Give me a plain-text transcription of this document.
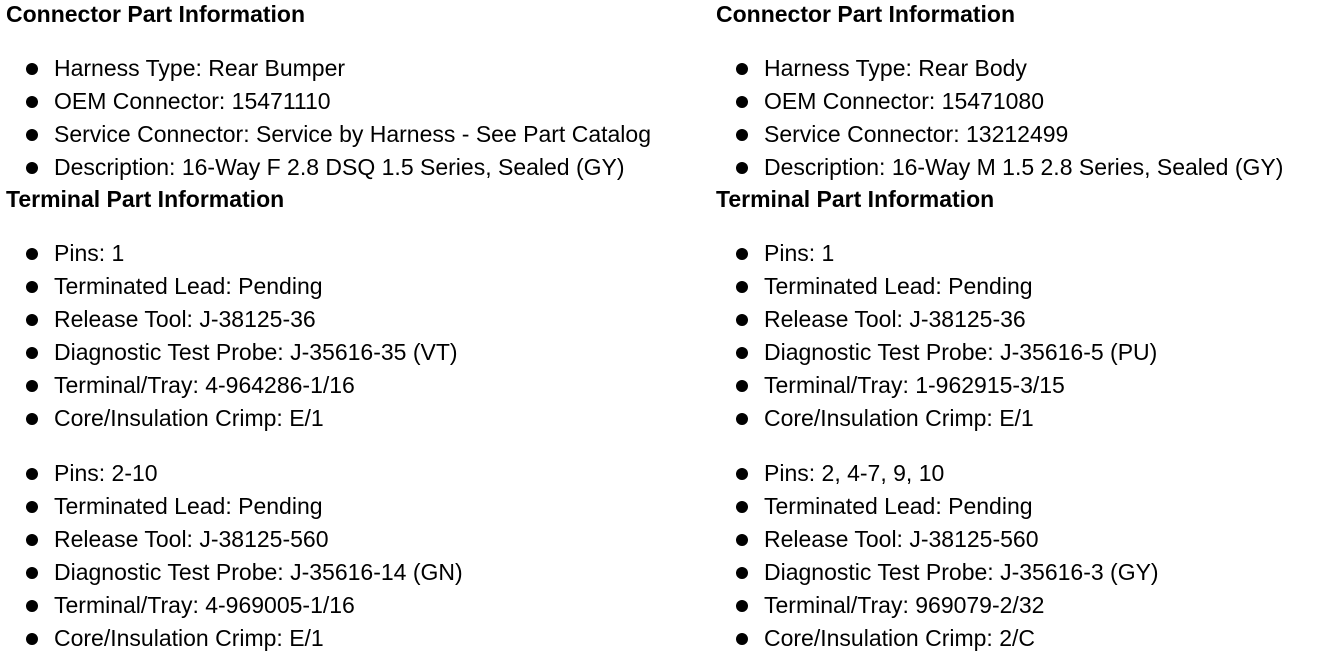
Connector Part Information
Harness Type: Rear Bumper
OEM Connector: 15471110
Service Connector: Service by Harness - See Part Catalog
Description: 16-Way F 2.8 DSQ 1.5 Series, Sealed (GY)
Terminal Part Information
Pins: 1
Terminated Lead: Pending
Release Tool: J-38125-36
Diagnostic Test Probe: J-35616-35 (VT)
Terminal/Tray: 4-964286-1/16
Core/Insulation Crimp: E/1
Pins: 2-10
Terminated Lead: Pending
Release Tool: J-38125-560
Diagnostic Test Probe: J-35616-14 (GN)
Terminal/Tray: 4-969005-1/16
Core/Insulation Crimp: E/1
Connector Part Information
Harness Type: Rear Body
OEM Connector: 15471080
Service Connector: 13212499
Description: 16-Way M 1.5 2.8 Series, Sealed (GY)
Terminal Part Information
Pins: 1
Terminated Lead: Pending
Release Tool: J-38125-36
Diagnostic Test Probe: J-35616-5 (PU)
Terminal/Tray: 1-962915-3/15
Core/Insulation Crimp: E/1
Pins: 2, 4-7, 9, 10
Terminated Lead: Pending
Release Tool: J-38125-560
Diagnostic Test Probe: J-35616-3 (GY)
Terminal/Tray: 969079-2/32
Core/Insulation Crimp: 2/C
